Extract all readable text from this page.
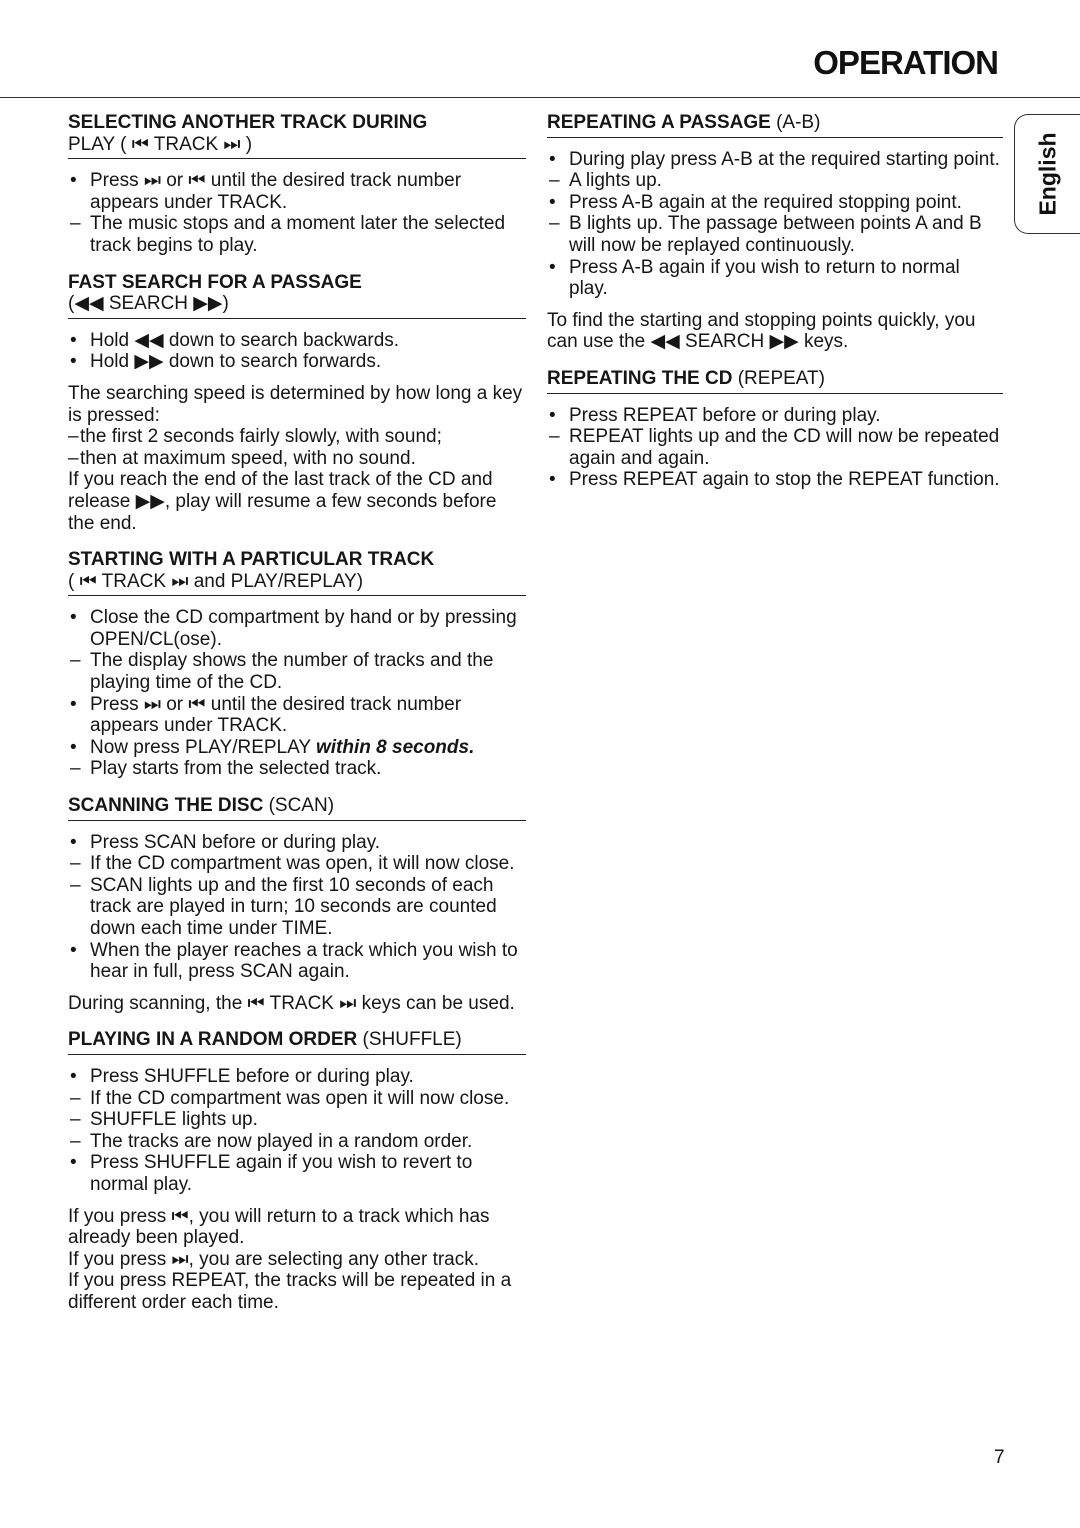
OPERATION
English
SELECTING ANOTHER TRACK DURING
PLAY ( ⏮ TRACK ⏭ )

•
Press ⏭ or ⏮ until the desired track number appears under TRACK.

–
The music stops and a moment later the selected track begins to play.

FAST SEARCH FOR A PASSAGE
(◀◀ SEARCH ▶▶)

•
Hold ◀◀ down to search backwards.

•
Hold ▶▶ down to search forwards.

The searching speed is determined by how long a key is pressed:

– the first 2 seconds fairly slowly, with sound;

– then at maximum speed, with no sound.

If you reach the end of the last track of the CD and release ▶▶, play will resume a few seconds before the end.

STARTING WITH A PARTICULAR TRACK
( ⏮ TRACK ⏭ and PLAY/REPLAY)

•
Close the CD compartment by hand or by pressing OPEN/CL(ose).

–
The display shows the number of tracks and the playing time of the CD.

•
Press ⏭ or ⏮ until the desired track number appears under TRACK.

•
Now press PLAY/REPLAY within 8 seconds.

–
Play starts from the selected track.

SCANNING THE DISC (SCAN)

•
Press SCAN before or during play.

–
If the CD compartment was open, it will now close.

–
SCAN lights up and the first 10 seconds of each track are played in turn; 10 seconds are counted down each time under TIME.

•
When the player reaches a track which you wish to hear in full, press SCAN again.

During scanning, the ⏮ TRACK ⏭ keys can be used.

PLAYING IN A RANDOM ORDER (SHUFFLE)

•
Press SHUFFLE before or during play.

–
If the CD compartment was open it will now close.

–
SHUFFLE lights up.

–
The tracks are now played in a random order.

•
Press SHUFFLE again if you wish to revert to normal play.

If you press ⏮, you will return to a track which has already been played.

If you press ⏭, you are selecting any other track.

If you press REPEAT, the tracks will be repeated in a different order each time.

REPEATING A PASSAGE (A-B)

•
During play press A-B at the required starting point.

–
A lights up.

•
Press A-B again at the required stopping point.

–
B lights up. The passage between points A and B will now be replayed continuously.

•
Press A-B again if you wish to return to normal play.

To find the starting and stopping points quickly, you can use the ◀◀ SEARCH ▶▶ keys.

REPEATING THE CD (REPEAT)

•
Press REPEAT before or during play.

–
REPEAT lights up and the CD will now be repeated again and again.

•
Press REPEAT again to stop the REPEAT function.

7
